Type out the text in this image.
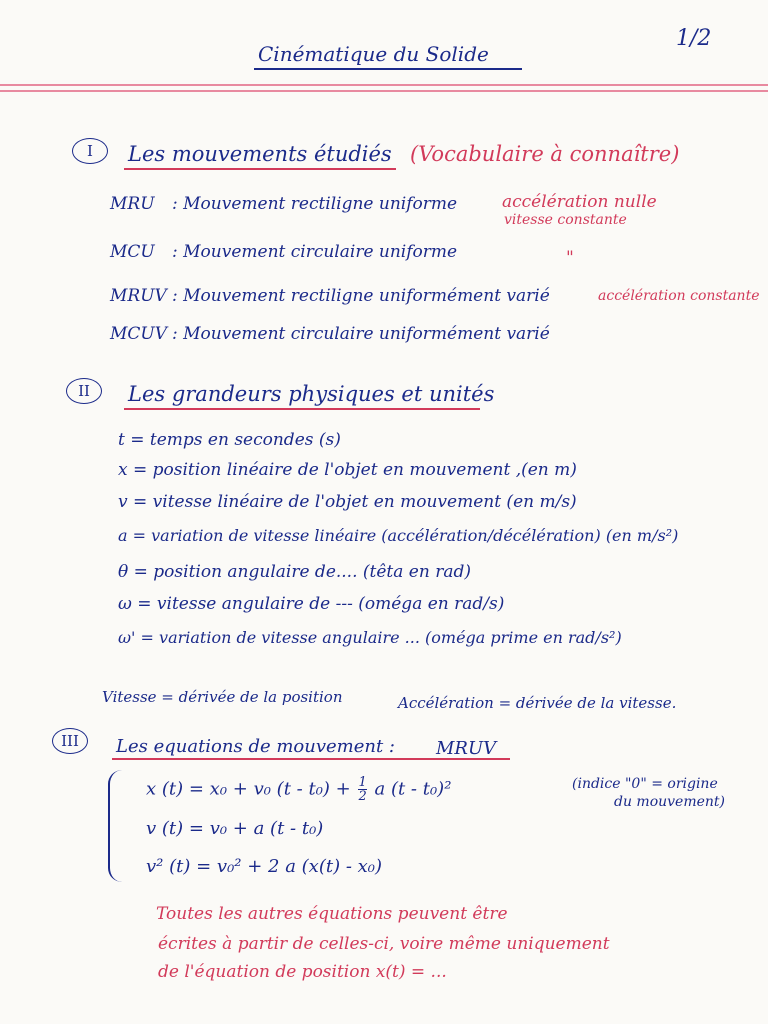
Cinématique du Solide
1/2
I	Les mouvements étudiés (Vocabulaire à connaître)
MRU : Mouvement rectiligne uniforme	accélération nulle
vitesse constante
MCU : Mouvement circulaire uniforme	"
MRUV : Mouvement rectiligne uniformément varié	accélération constante
MCUV : Mouvement circulaire uniformément varié
II	Les grandeurs physiques et unités
t = temps en secondes (s)
x = position linéaire de l'objet en mouvement ,(en m)
v = vitesse linéaire de l'objet en mouvement (en m/s)
a = variation de vitesse linéaire (accélération/décélération) (en m/s²)
θ = position angulaire de.... (têta en rad)
ω = vitesse angulaire de --- (oméga en rad/s)
ω' = variation de vitesse angulaire ... (oméga prime en rad/s²)
Vitesse = dérivée de la position	Accélération = dérivée de la vitesse.
III	Les equations de mouvement : MRUV
x (t) = x₀ + v₀ $(t - t_0) + \frac{1}{2}$ a (t - t₀)²	(indice "0" = origine
du mouvement)
v (t) = v₀ + a (t - t₀)
v² (t) = v₀² + 2 a (x(t) - x₀)
Toutes les autres équations peuvent être
écrites à partir de celles-ci, voire même uniquement
de l'équation de position x(t) = ...
